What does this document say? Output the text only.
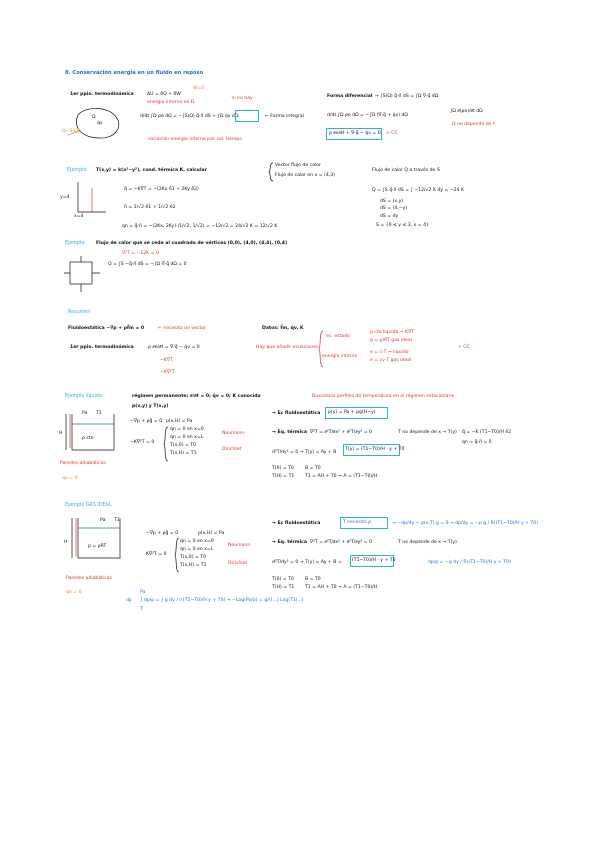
8. Conservación energía en un fluido en reposo
1er ppio. termodinámica	ΔU = δQ + δW
Ẇ=0
energía interna en Ω
si no hay
Ω
q̇v
Ω−S(Ω)
d/dt ∫Ω ρe dΩ = −∫S(Ω) q⃗·n⃗ dS + ∫Ω q̇v dΩ	← Forma integral
variación energía interna por vol. tiempo
Forma diferencial → ∫S(Ω) q⃗·n⃗ dS = ∫Ω ∇·q⃗ dΩ
d/dt ∫Ω ρe dΩ = −∫Ω (∇·q⃗ + q̇v) dΩ
∫Ω ∂(ρe)/∂t dΩ
Ω no depende de t
ρ ∂e/∂t + ∇·q⃗ − q̇v = 0 + CC
Ejemplo: T(x,y) = k(x²−y²), cond. térmica K, calcular
Vector flujo de calor
Flujo de calor en x = (4,3)
y=4
x=4
q⃗ = −K∇T = −(2Kx ê1 + 2Ky ê2)
n⃗ = 1/√2 ê1 + 1/√2 ê2
qn = q⃗·n⃗ = −(2Kx, 2Ky)·(1/√2, 1/√2) = −12/√2 = 24/√2 K = 12/√2 K
Flujo de calor Q a través de S
Q = ∫S q⃗·n⃗ dS = ∫ −12/√2 K dy = −24 K
dS = (x,y)
dS = (4,−y)
dS = dy
S = {0 ≤ y ≤ 3, x = 4}
Ejemplo: Flujo de calor que se cede al cuadrado de vértices (0,0), (4,0), (4,4), (0,4)
∇²T = −12K = 0
Q = ∫S −q⃗·n⃗ dS = −∫Ω ∇·q⃗ dΩ = 0
Resumen
Fluidoestática −∇p + ρf⃗m = 0	← necesito un vector	Datos: f⃗m, q̇v, K
1er ppio. termodinámica	ρ ∂e/∂t = ∇·q⃗ − q̇v = 0
−K∇T
−K∇²T
Hay que añadir ecuaciones
ec. estado
ρ cte líquido → K∇T
ρ = ρ/RT gas ideal
energía interna
e = c·T → líquido
e = cv·T gas ideal
+ CC
Ejemplo líquido:	régimen permanente; ∂/∂t = 0; q̇v = 0; K conocida	Buscamos perfiles de temperatura en el régimen estacionario
p(x,y) y T(x,y)
Pa T1
H
ρ cte
Paredes adiabáticas
qn = 0
−∇p + ρg⃗ = 0
−K∇²T = 0
p(x,H) = Pa
q̇n = 0 en x=0
q̇n = 0 en x=L
T(x,0) = T0
T(x,H) = T1
Neumann
Dirichlet
→ Ec fluidoestática p(y) = Pa + ρg(H−y)
→ Eq. térmica ∇²T = ∂²T/∂x² + ∂²T/∂y² = 0	T no depende de x → T(y)
d²T/dy² = 0 → T(y) = Ay + B
T(y) = (T1−T0)/H · y + T0
T(0) = T0
T(H) = T1
B = T0
T1 = AH + T0 → A = (T1−T0)/H
q⃗ = −K (T1−T0)/H ê2
qn = q⃗·n⃗ = 0
Ejemplo GAS IDEAL
Pa T1
H
p = ρRT
Paredes adiabáticas
qn = 0
−∇p + ρg⃗ = 0	p(x,H) = Pa
K∇²T = 0
q̇n = 0 en x=0
q̇n = 0 en x=L
T(x,0) = T0
T(x,H) = T1
Neumann
Dirichlet
→ Ec fluidoestática	T necesito ρ	→ −dp/dy − ρ(x,T) g = 0 → dp/dy = −p g / R((T1−T0)/H y + T0)
→ Eq. térmica ∇²T = ∂²T/∂x² + ∂²T/∂y² = 0	T no depende de x → T(y)
d²T/dy² = 0 → T(y) = Ay + B = (T1−T0)/H · y + T0	dp/p = −g dy / R((T1−T0)/H y + T0)
T(0) = T0
T(H) = T1
B = T0
T1 = AH + T0 → A = (T1−T0)/H
∫ dp/p = ∫ g dy / r((T1−T0)/H y + T0) → −Log(Pa/p) = g/r(...) Log(T1/...)
Pa
dp
T
